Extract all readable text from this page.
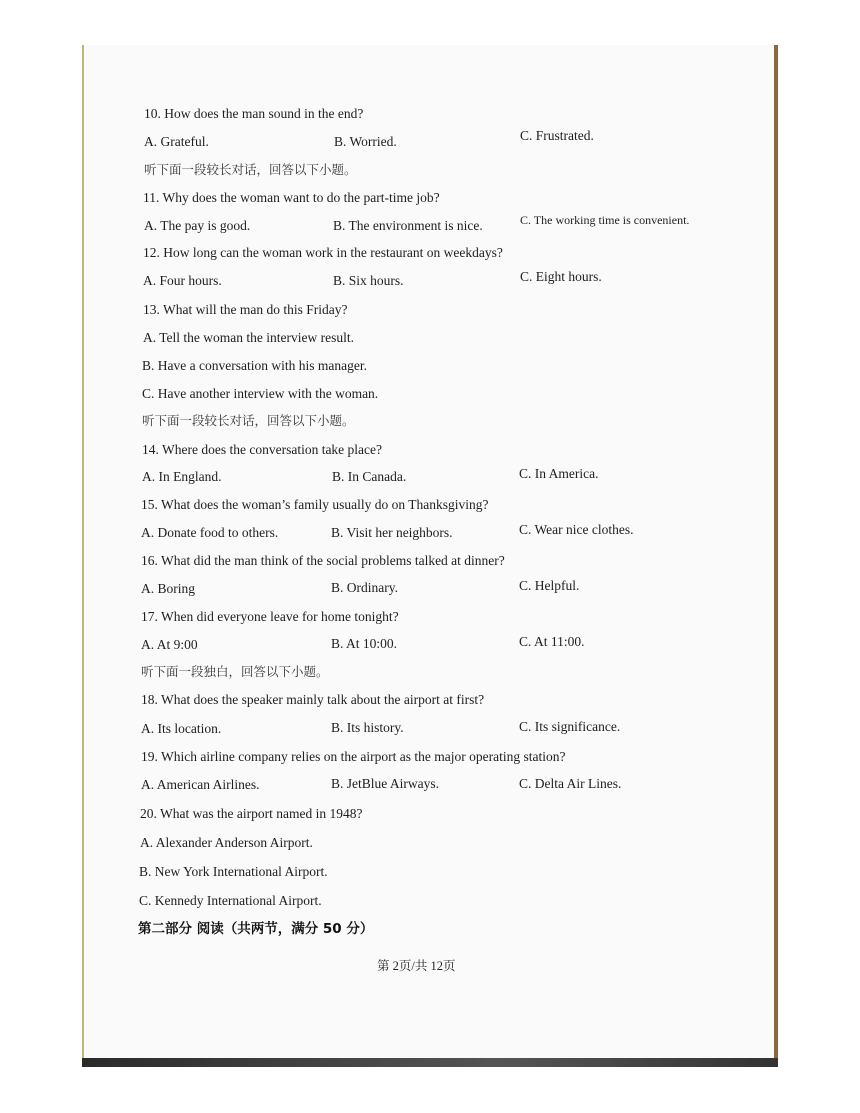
10. How does the man sound in the end?
A. Grateful.	B. Worried.	C. Frustrated.
听下面一段较长对话，回答以下小题。
11. Why does the woman want to do the part-time job?
A. The pay is good.	B. The environment is nice.	C. The working time is convenient.
12. How long can the woman work in the restaurant on weekdays?
A. Four hours.	B. Six hours.	C. Eight hours.
13. What will the man do this Friday?
A. Tell the woman the interview result.
B. Have a conversation with his manager.
C. Have another interview with the woman.
听下面一段较长对话，回答以下小题。
14. Where does the conversation take place?
A. In England.	B. In Canada.	C. In America.
15. What does the woman’s family usually do on Thanksgiving?
A. Donate food to others.	B. Visit her neighbors.	C. Wear nice clothes.
16. What did the man think of the social problems talked at dinner?
A. Boring	B. Ordinary.	C. Helpful.
17. When did everyone leave for home tonight?
A. At 9:00	B. At 10:00.	C. At 11:00.
听下面一段独白，回答以下小题。
18. What does the speaker mainly talk about the airport at first?
A. Its location.	B. Its history.	C. Its significance.
19. Which airline company relies on the airport as the major operating station?
A. American Airlines.	B. JetBlue Airways.	C. Delta Air Lines.
20. What was the airport named in 1948?
A. Alexander Anderson Airport.
B. New York International Airport.
C. Kennedy International Airport.
第二部分 阅读（共两节，满分 50 分）
第 2页/共 12页
